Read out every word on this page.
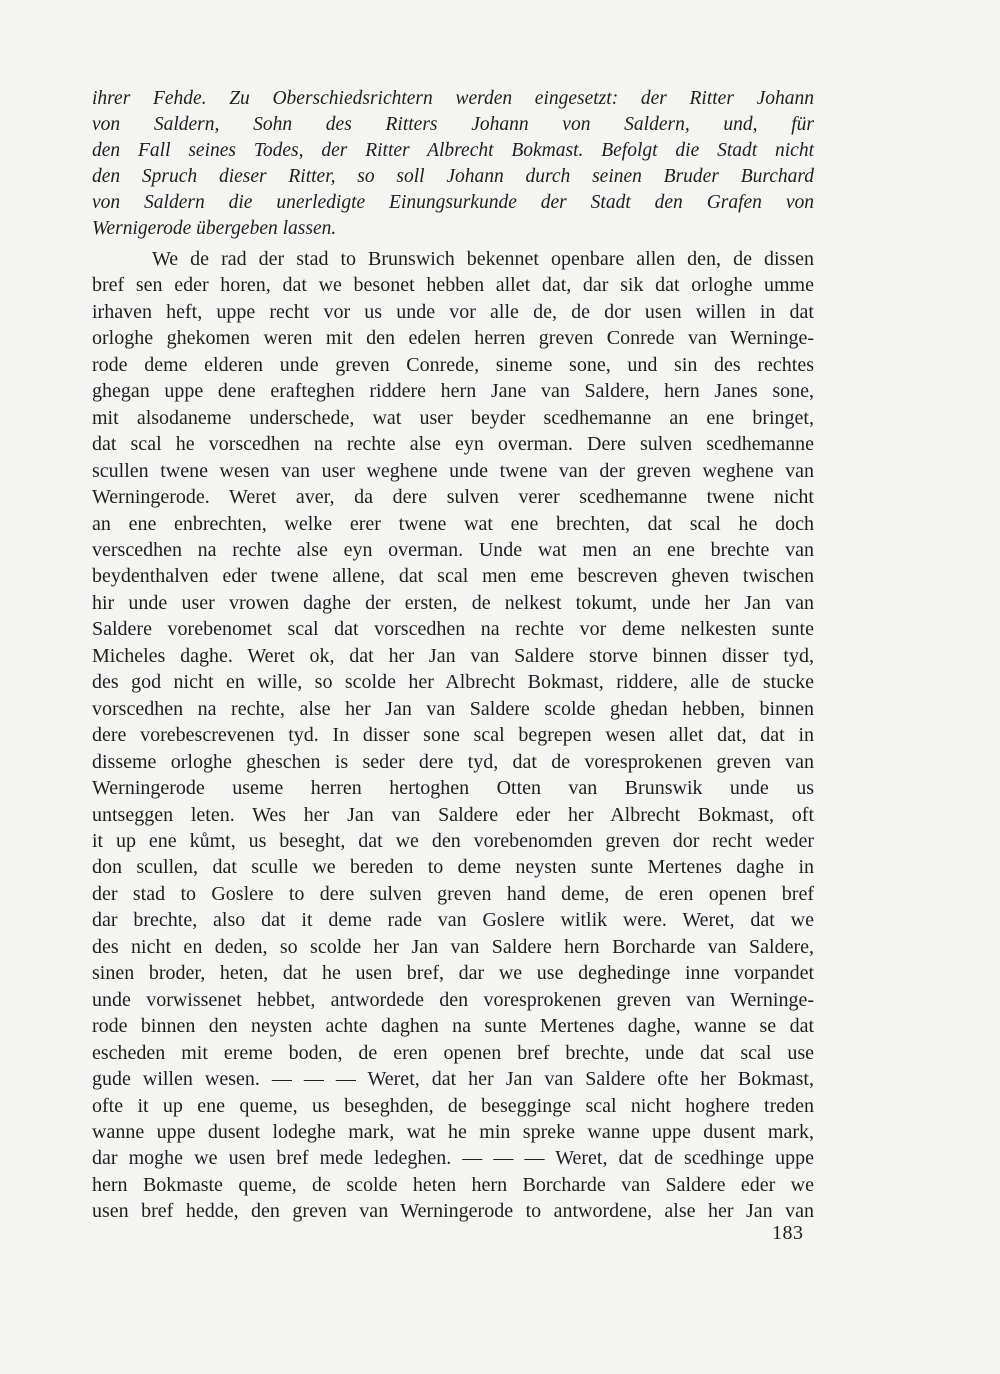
ihrer Fehde. Zu Oberschiedsrichtern werden eingesetzt: der Ritter Johann
von Saldern, Sohn des Ritters Johann von Saldern, und, für
den Fall seines Todes, der Ritter Albrecht Bokmast. Befolgt die Stadt nicht
den Spruch dieser Ritter, so soll Johann durch seinen Bruder Burchard
von Saldern die unerledigte Einungsurkunde der Stadt den Grafen von
Wernigerode übergeben lassen.
We de rad der stad to Brunswich bekennet openbare allen den, de dissen
bref sen eder horen, dat we besonet hebben allet dat, dar sik dat orloghe umme
irhaven heft, uppe recht vor us unde vor alle de, de dor usen willen in dat
orloghe ghekomen weren mit den edelen herren greven Conrede van Werninge-
rode deme elderen unde greven Conrede, sineme sone, und sin des rechtes
ghegan uppe dene erafteghen riddere hern Jane van Saldere, hern Janes sone,
mit alsodaneme underschede, wat user beyder scedhemanne an ene bringet,
dat scal he vorscedhen na rechte alse eyn overman. Dere sulven scedhemanne
scullen twene wesen van user weghene unde twene van der greven weghene van
Werningerode. Weret aver, da dere sulven verer scedhemanne twene nicht
an ene enbrechten, welke erer twene wat ene brechten, dat scal he doch
verscedhen na rechte alse eyn overman. Unde wat men an ene brechte van
beydenthalven eder twene allene, dat scal men eme bescreven gheven twischen
hir unde user vrowen daghe der ersten, de nelkest tokumt, unde her Jan van
Saldere vorebenomet scal dat vorscedhen na rechte vor deme nelkesten sunte
Micheles daghe. Weret ok, dat her Jan van Saldere storve binnen disser tyd,
des god nicht en wille, so scolde her Albrecht Bokmast, riddere, alle de stucke
vorscedhen na rechte, alse her Jan van Saldere scolde ghedan hebben, binnen
dere vorebescrevenen tyd. In disser sone scal begrepen wesen allet dat, dat in
disseme orloghe gheschen is seder dere tyd, dat de voresprokenen greven van
Werningerode useme herren hertoghen Otten van Brunswik unde us
untseggen leten. Wes her Jan van Saldere eder her Albrecht Bokmast, oft
it up ene kůmt, us beseght, dat we den vorebenomden greven dor recht weder
don scullen, dat sculle we bereden to deme neysten sunte Mertenes daghe in
der stad to Goslere to dere sulven greven hand deme, de eren openen bref
dar brechte, also dat it deme rade van Goslere witlik were. Weret, dat we
des nicht en deden, so scolde her Jan van Saldere hern Borcharde van Saldere,
sinen broder, heten, dat he usen bref, dar we use deghedinge inne vorpandet
unde vorwissenet hebbet, antwordede den voresprokenen greven van Werninge-
rode binnen den neysten achte daghen na sunte Mertenes daghe, wanne se dat
escheden mit ereme boden, de eren openen bref brechte, unde dat scal use
gude willen wesen. — — — Weret, dat her Jan van Saldere ofte her Bokmast,
ofte it up ene queme, us beseghden, de besegginge scal nicht hoghere treden
wanne uppe dusent lodeghe mark, wat he min spreke wanne uppe dusent mark,
dar moghe we usen bref mede ledeghen. — — — Weret, dat de scedhinge uppe
hern Bokmaste queme, de scolde heten hern Borcharde van Saldere eder we
usen bref hedde, den greven van Werningerode to antwordene, alse her Jan van
183
